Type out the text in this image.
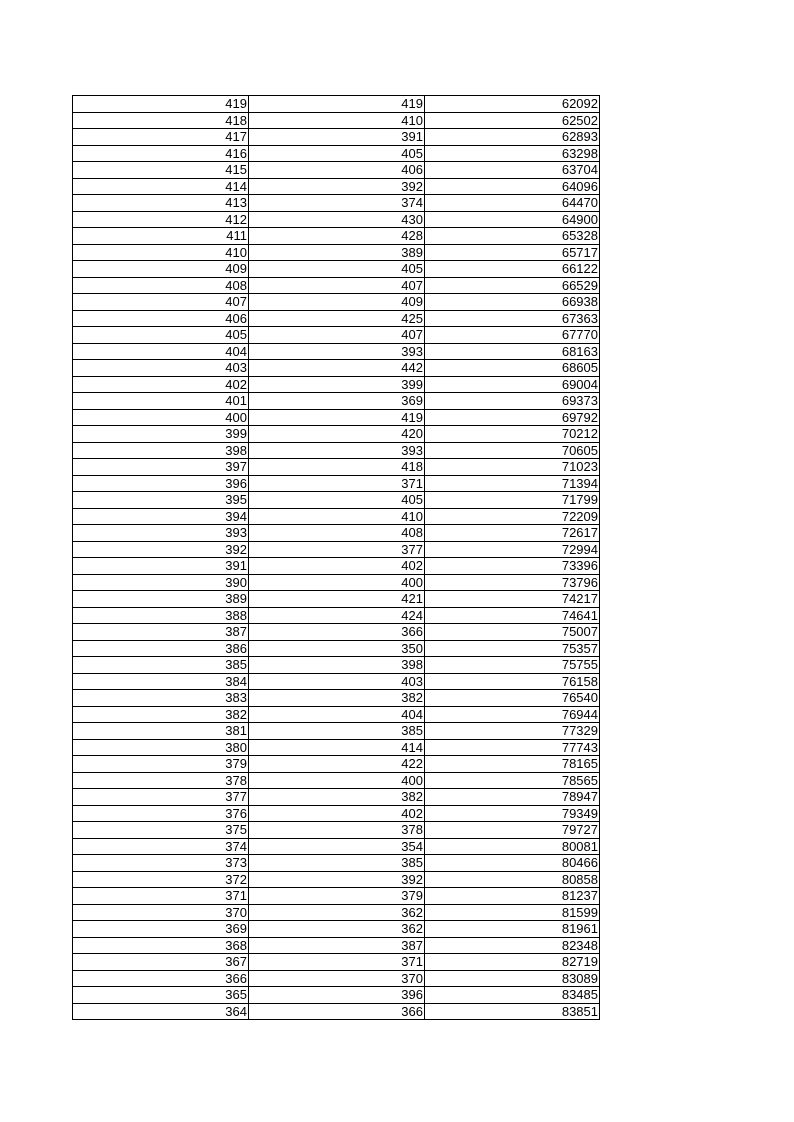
419	419	62092
418	410	62502
417	391	62893
416	405	63298
415	406	63704
414	392	64096
413	374	64470
412	430	64900
411	428	65328
410	389	65717
409	405	66122
408	407	66529
407	409	66938
406	425	67363
405	407	67770
404	393	68163
403	442	68605
402	399	69004
401	369	69373
400	419	69792
399	420	70212
398	393	70605
397	418	71023
396	371	71394
395	405	71799
394	410	72209
393	408	72617
392	377	72994
391	402	73396
390	400	73796
389	421	74217
388	424	74641
387	366	75007
386	350	75357
385	398	75755
384	403	76158
383	382	76540
382	404	76944
381	385	77329
380	414	77743
379	422	78165
378	400	78565
377	382	78947
376	402	79349
375	378	79727
374	354	80081
373	385	80466
372	392	80858
371	379	81237
370	362	81599
369	362	81961
368	387	82348
367	371	82719
366	370	83089
365	396	83485
364	366	83851
